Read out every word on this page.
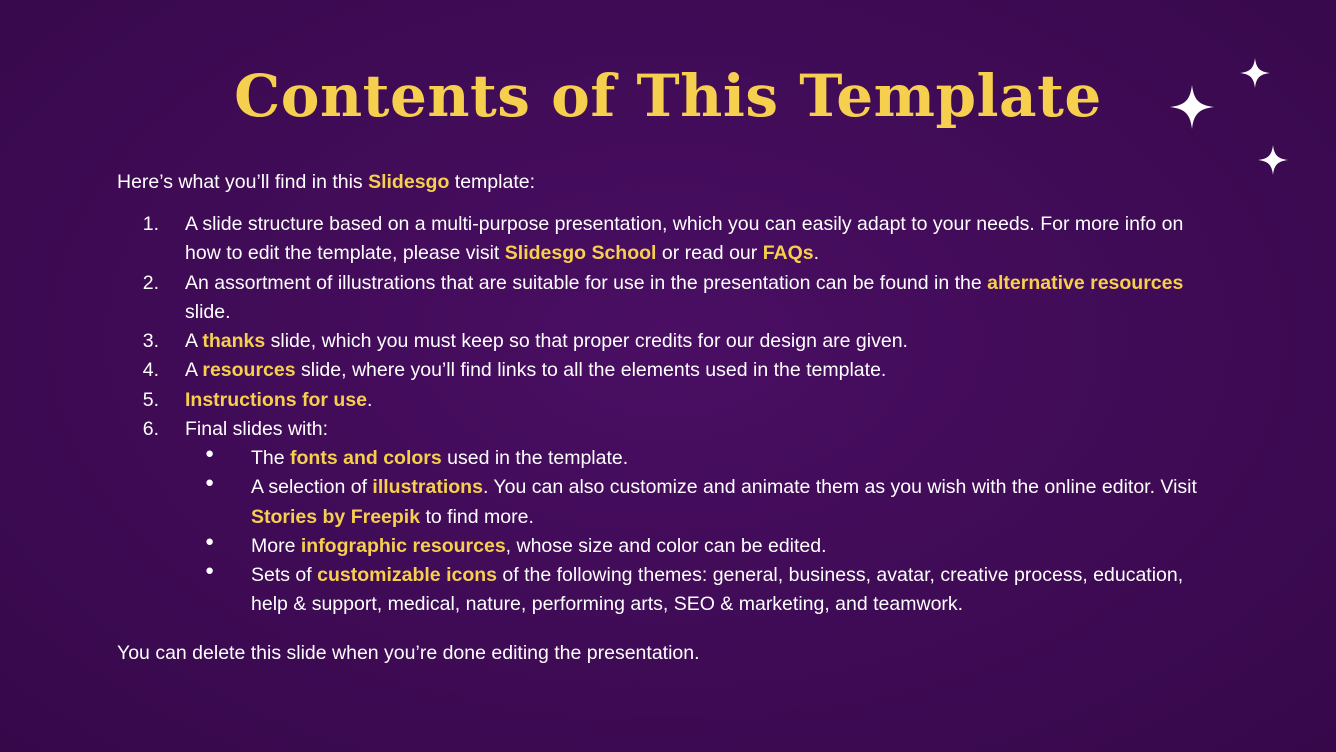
Contents of This Template
Here’s what you’ll find in this Slidesgo template:
A slide structure based on a multi-purpose presentation, which you can easily adapt to your needs. For more info on how to edit the template, please visit Slidesgo School or read our FAQs.
An assortment of illustrations that are suitable for use in the presentation can be found in the alternative resources slide.
A thanks slide, which you must keep so that proper credits for our design are given.
A resources slide, where you’ll find links to all the elements used in the template.
Instructions for use.
Final slides with:
● The fonts and colors used in the template.
● A selection of illustrations. You can also customize and animate them as you wish with the online editor. Visit Stories by Freepik to find more.
● More infographic resources, whose size and color can be edited.
● Sets of customizable icons of the following themes: general, business, avatar, creative process, education, help & support, medical, nature, performing arts, SEO & marketing, and teamwork.
You can delete this slide when you’re done editing the presentation.
